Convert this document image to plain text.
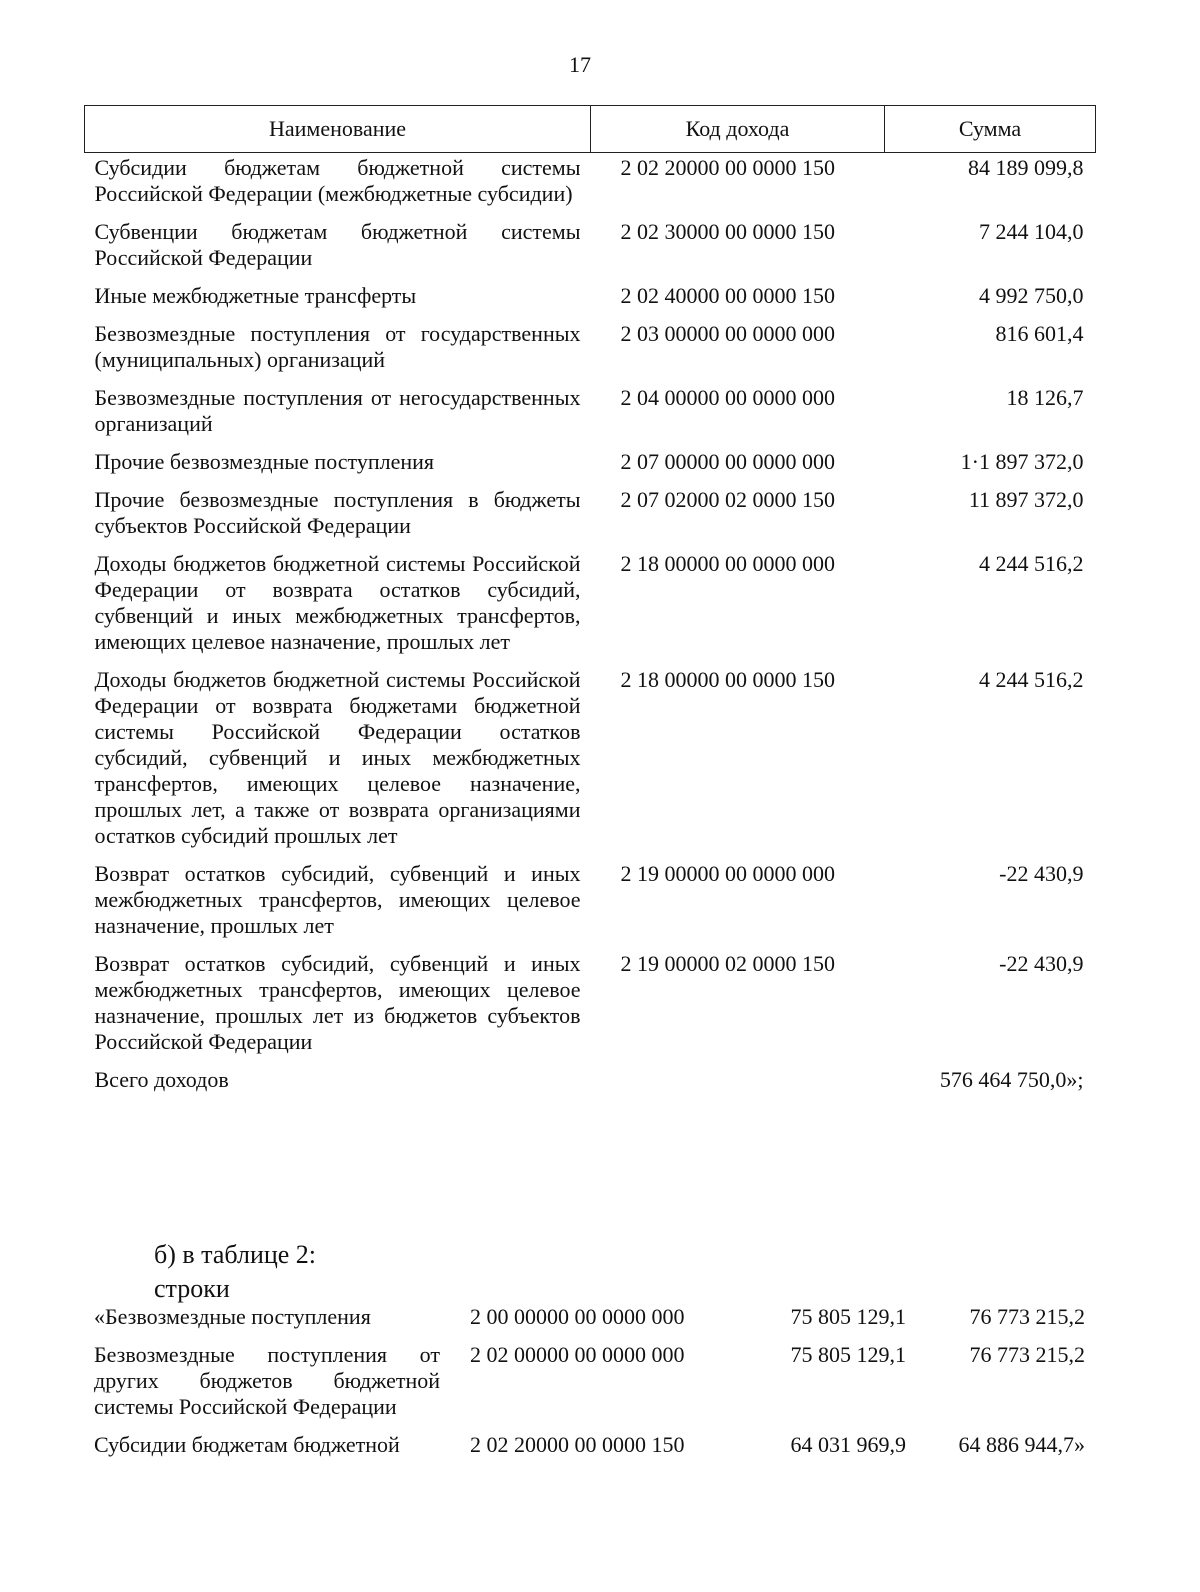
17
Наименование	Код дохода	Сумма
Субсидии бюджетам бюджетной системы Российской Федерации (межбюджетные субсидии)	2 02 20000 00 0000 150	84 189 099,8
Субвенции бюджетам бюджетной системы Российской Федерации	2 02 30000 00 0000 150	7 244 104,0
Иные межбюджетные трансферты	2 02 40000 00 0000 150	4 992 750,0
Безвозмездные поступления от государственных (муниципальных) организаций	2 03 00000 00 0000 000	816 601,4
Безвозмездные поступления от негосударственных организаций	2 04 00000 00 0000 000	18 126,7
Прочие безвозмездные поступления	2 07 00000 00 0000 000	1·1 897 372,0
Прочие безвозмездные поступления в бюджеты субъектов Российской Федерации	2 07 02000 02 0000 150	11 897 372,0
Доходы бюджетов бюджетной системы Российской Федерации от возврата остатков субсидий, субвенций и иных межбюджетных трансфертов, имеющих целевое назначение, прошлых лет	2 18 00000 00 0000 000	4 244 516,2
Доходы бюджетов бюджетной системы Российской Федерации от возврата бюджетами бюджетной системы Российской Федерации остатков субсидий, субвенций и иных межбюджетных трансфертов, имеющих целевое назначение, прошлых лет, а также от возврата организациями остатков субсидий прошлых лет	2 18 00000 00 0000 150	4 244 516,2
Возврат остатков субсидий, субвенций и иных межбюджетных трансфертов, имеющих целевое назначение, прошлых лет	2 19 00000 00 0000 000	-22 430,9
Возврат остатков субсидий, субвенций и иных межбюджетных трансфертов, имеющих целевое назначение, прошлых лет из бюджетов субъектов Российской Федерации	2 19 00000 02 0000 150	-22 430,9
Всего доходов		576 464 750,0»;
б) в таблице 2:
строки
«Безвозмездные поступления	2 00 00000 00 0000 000	75 805 129,1	76 773 215,2
Безвозмездные поступления от других бюджетов бюджетной системы Российской Федерации	2 02 00000 00 0000 000	75 805 129,1	76 773 215,2
Субсидии бюджетам бюджетной	2 02 20000 00 0000 150	64 031 969,9	64 886 944,7»
